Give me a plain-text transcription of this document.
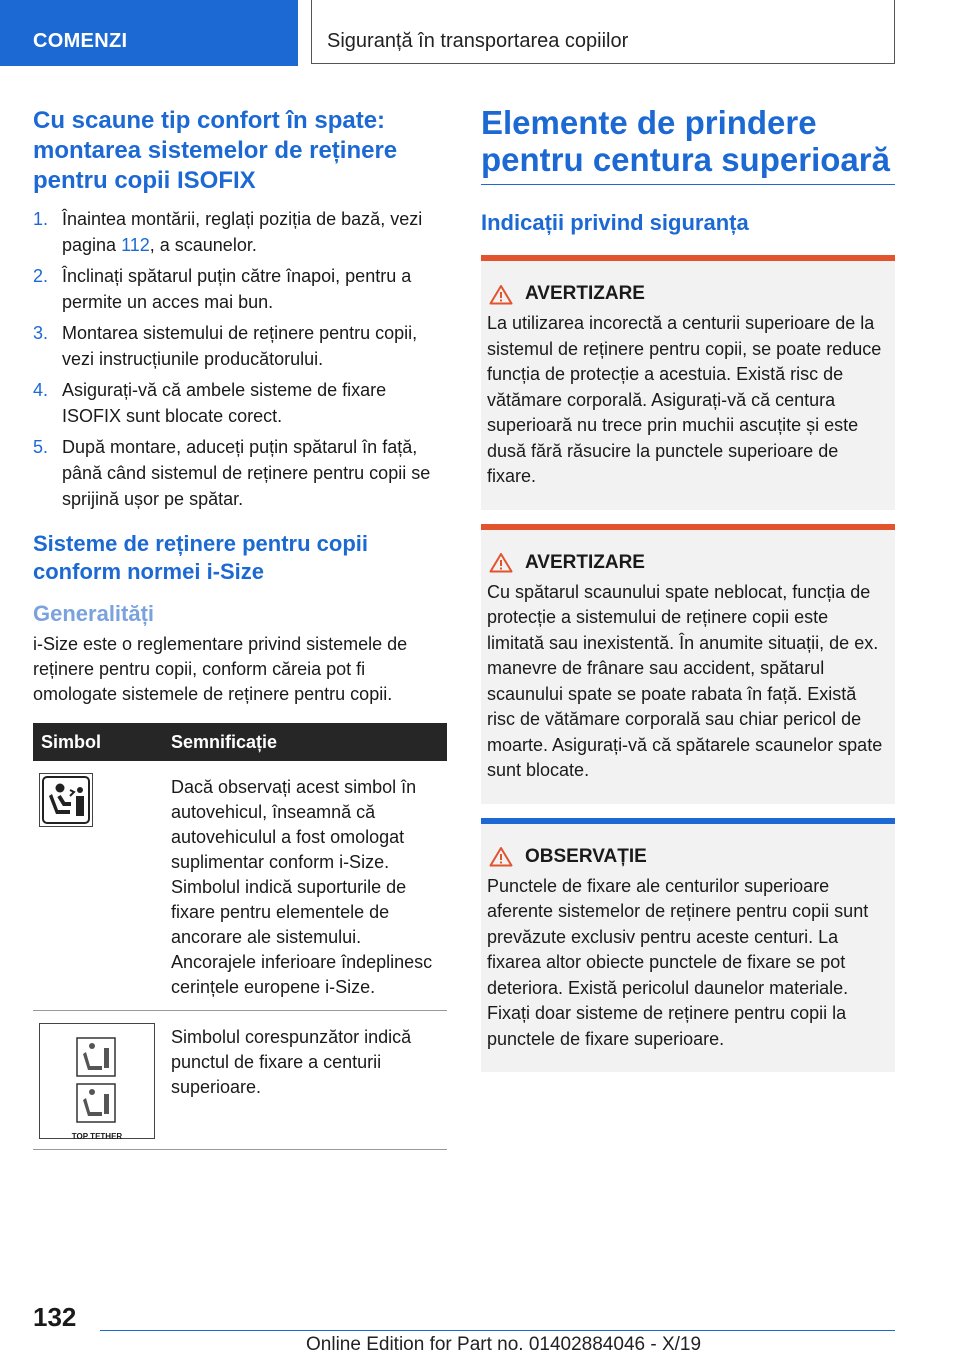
COMENZI	Siguranță în transportarea copiilor
Cu scaune tip confort în spate: montarea sistemelor de reținere pentru copii ISOFIX
1. Înaintea montării, reglați poziția de bază, vezi pagina 112, a scaunelor.
2. Înclinați spătarul puțin către înapoi, pentru a permite un acces mai bun.
3. Montarea sistemului de reținere pentru copii, vezi instrucțiunile producătorului.
4. Asigurați-vă că ambele sisteme de fixare ISOFIX sunt blocate corect.
5. După montare, aduceți puțin spătarul în față, până când sistemul de reținere pentru copii se sprijină ușor pe spătar.
Sisteme de reținere pentru copii conform normei i-Size
Generalități

i-Size este o reglementare privind sistemele de reținere pentru copii, conform căreia pot fi omologate sistemele de reținere pentru copii.

Simbol	Semnificație

	Dacă observați acest simbol în autovehicul, înseamnă că autovehiculul a fost omologat suplimentar conform i-Size. Simbolul indică suporturile de fixare pentru elementele de ancorare ale sistemului. Ancorajele inferioare îndeplinesc cerințele europene i-Size.

TOP TETHER	Simbolul corespunzător indică punctul de fixare a centurii superioare.
Elemente de prindere pentru centura superioară
Indicații privind siguranța
AVERTIZARE

La utilizarea incorectă a centurii superioare de la sistemul de reținere pentru copii, se poate reduce funcția de protecție a acestuia. Există risc de vătămare corporală. Asigurați-vă că centura superioară nu trece prin muchii ascuțite și este dusă fără răsucire la punctele superioare de fixare.

AVERTIZARE

Cu spătarul scaunului spate neblocat, funcția de protecție a sistemului de reținere copii este limitată sau inexistentă. În anumite situații, de ex. manevre de frânare sau accident, spătarul scaunului spate se poate rabata în față. Există risc de vătămare corporală sau chiar pericol de moarte. Asigurați-vă că spătarele scaunelor spate sunt blocate.

OBSERVAȚIE

Punctele de fixare ale centurilor superioare aferente sistemelor de reținere pentru copii sunt prevăzute exclusiv pentru aceste centuri. La fixarea altor obiecte punctele de fixare se pot deteriora. Există pericolul daunelor materiale. Fixați doar sisteme de reținere pentru copii la punctele de fixare superioare.

132
Online Edition for Part no. 01402884046 - X/19
